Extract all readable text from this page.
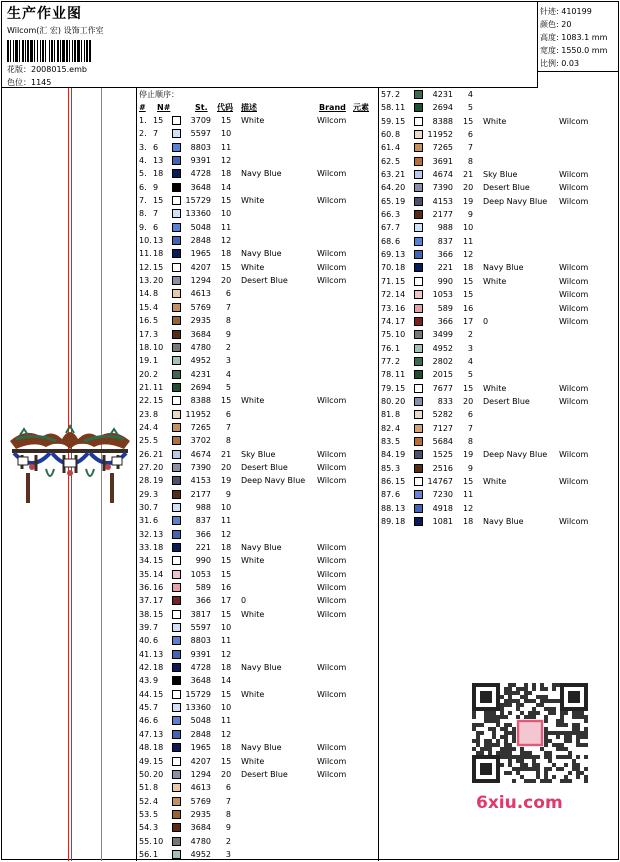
生产作业图
Wilcom(汇 宏) 设饰工作室
花版：2008015.emb
色位：1145
针迹: 410199
颜色: 20
高度: 1083.1 mm
宽度: 1550.0 mm
比例: 0.03
停止顺序：
# N#	St. 代码 描述	Brand 元素
1. 15	3709 15 White	Wilcom
2. 7	5597 10
3. 6	8803 11
4. 13	9391 12
5. 18	4728 18 Navy Blue	Wilcom
6. 9	3648 14
7. 15	15729 15 White	Wilcom
8. 7	13360 10
9. 6	5048 11
10. 13	2848 12
11. 18	1965 18 Navy Blue	Wilcom
12. 15	4207 15 White	Wilcom
13. 20	1294 20 Desert Blue	Wilcom
14. 8	4613	6
15. 4	5769	7
16. 5	2935	8
17. 3	3684	9
18. 10	4780	2
19. 1	4952	3
20. 2	4231	4
21. 11	2694	5
22. 15	8388 15 White	Wilcom
23. 8	11952	6
24. 4	7265	7
25. 5	3702	8
26. 21	4674 21 Sky Blue	Wilcom
27. 20	7390 20 Desert Blue	Wilcom
28. 19	4153 19 Deep Navy Blue Wilcom
29. 3	2177	9
30. 7	988 10
31. 6	837 11
32. 13	366 12
33. 18	221 18 Navy Blue	Wilcom
34. 15	990 15 White	Wilcom
35. 14	1053 15	Wilcom
36. 16	589 16	Wilcom
37. 17	366 17 0	Wilcom
38. 15	3817 15 White	Wilcom
39. 7	5597 10
40. 6	8803 11
41. 13	9391 12
42. 18	4728 18 Navy Blue	Wilcom
43. 9	3648 14
44. 15	15729 15 White	Wilcom
45. 7	13360 10
46. 6	5048 11
47. 13	2848 12
48. 18	1965 18 Navy Blue	Wilcom
49. 15	4207 15 White	Wilcom
50. 20	1294 20 Desert Blue	Wilcom
51. 8	4613	6
52. 4	5769	7
53. 5	2935	8
54. 3	3684	9
55. 10	4780	2
56. 1	4952	3
57. 2	4231	4
58. 11	2694	5
59. 15	8388 15 White	Wilcom
60. 8	11952	6
61. 4	7265	7
62. 5	3691	8
63. 21	4674 21 Sky Blue	Wilcom
64. 20	7390 20 Desert Blue	Wilcom
65. 19	4153 19 Deep Navy Blue Wilcom
66. 3	2177	9
67. 7	988 10
68. 6	837 11
69. 13	366 12
70. 18	221 18 Navy Blue	Wilcom
71. 15	990 15 White	Wilcom
72. 14	1053 15	Wilcom
73. 16	589 16	Wilcom
74. 17	366 17 0	Wilcom
75. 10	3499	2
76. 1	4952	3
77. 2	2802	4
78. 11	2015	5
79. 15	7677 15 White	Wilcom
80. 20	833 20 Desert Blue	Wilcom
81. 8	5282	6
82. 4	7127	7
83. 5	5684	8
84. 19	1525 19 Deep Navy Blue Wilcom
85. 3	2516	9
86. 15	14767 15 White	Wilcom
87. 6	7230 11
88. 13	4918 12
89. 18	1081 18 Navy Blue	Wilcom
6xiu.com
